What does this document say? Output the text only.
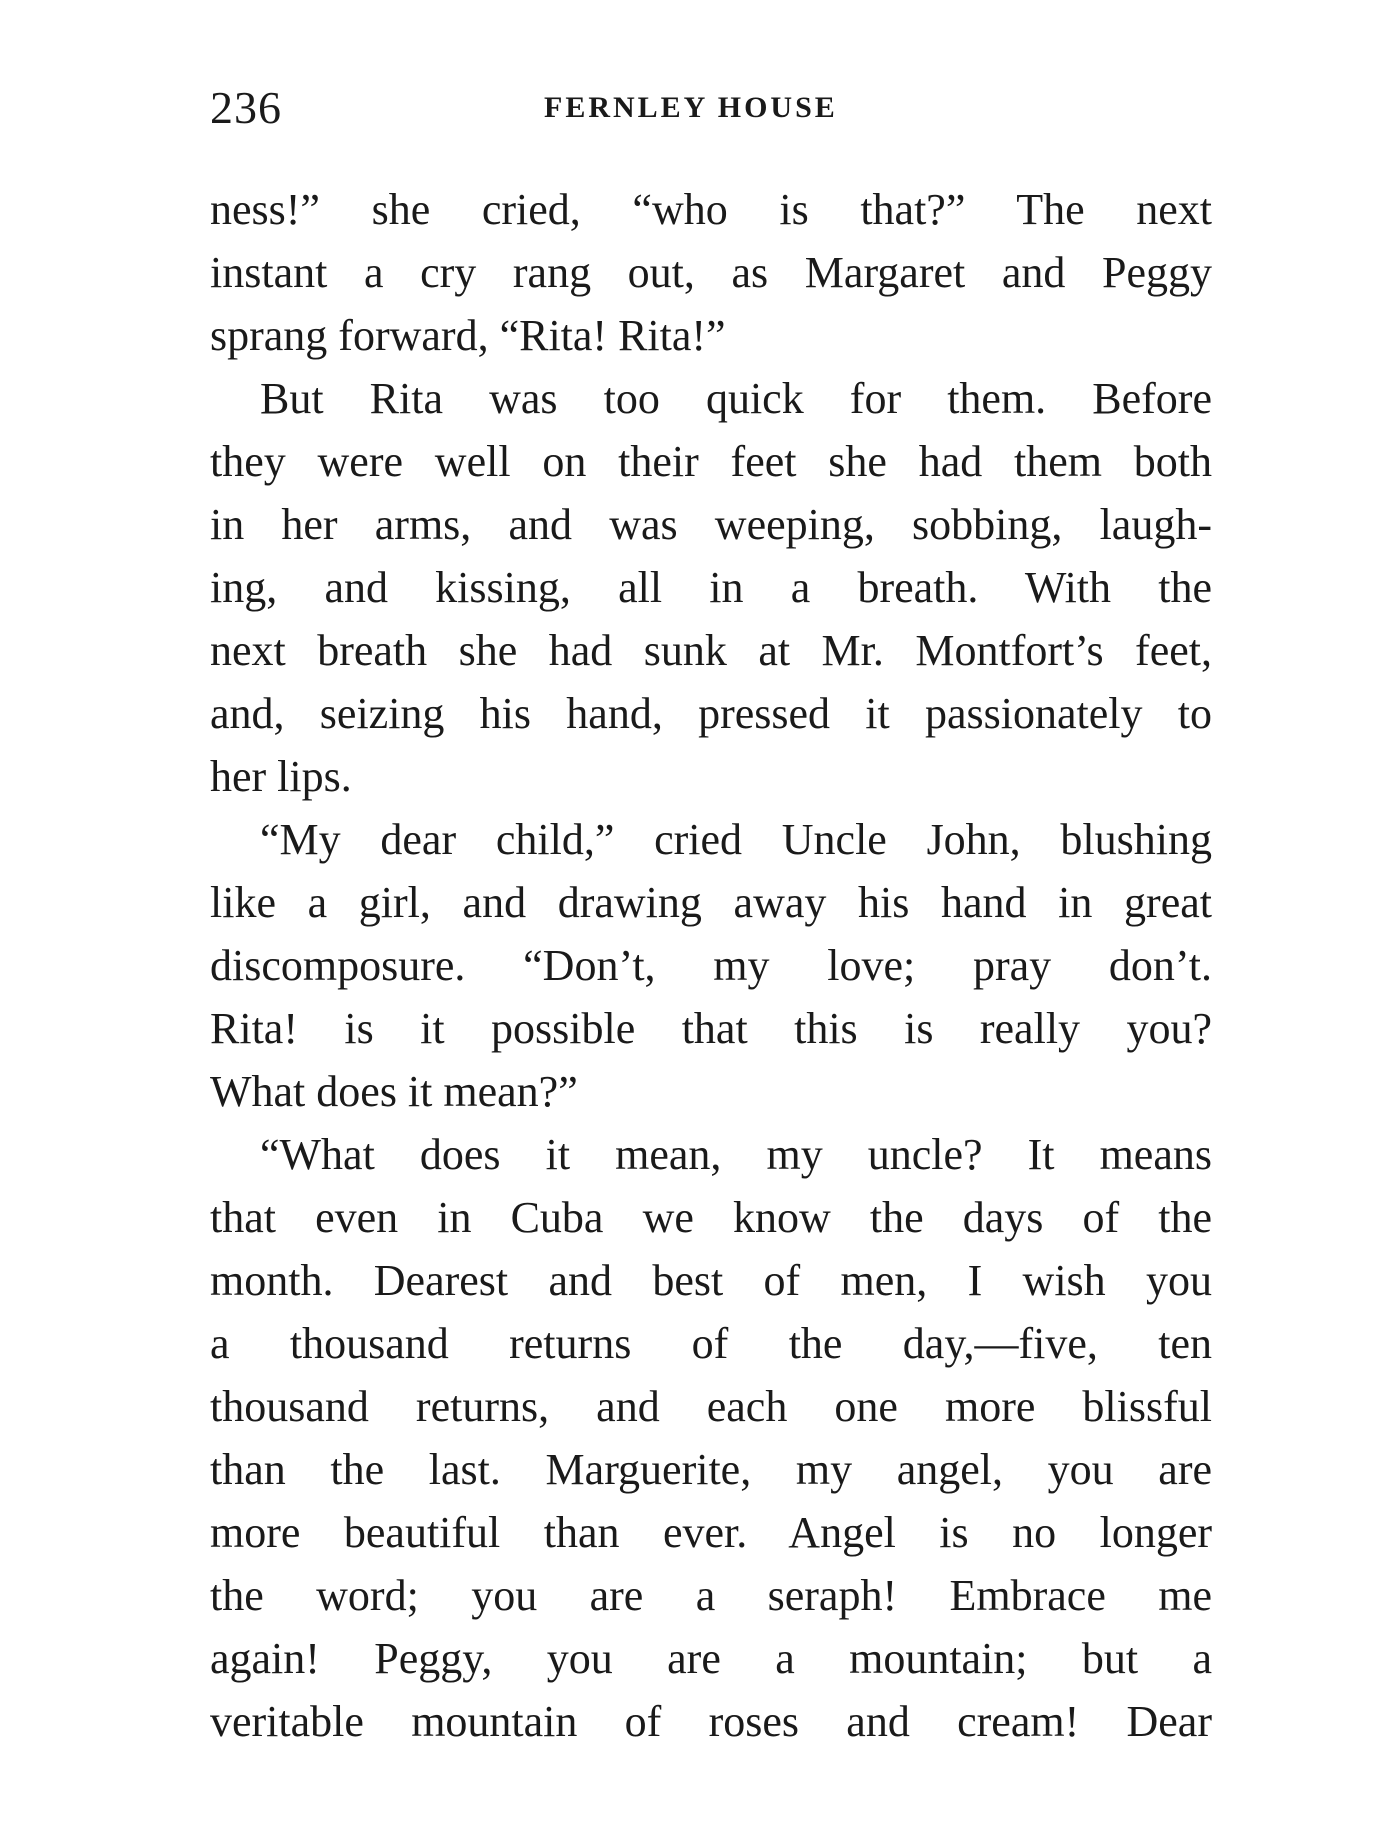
236	FERNLEY HOUSE
ness!” she cried, “who is that?” The next
instant a cry rang out, as Margaret and Peggy
sprang forward, “Rita! Rita!”
But Rita was too quick for them. Before
they were well on their feet she had them both
in her arms, and was weeping, sobbing, laugh-
ing, and kissing, all in a breath. With the
next breath she had sunk at Mr. Montfort’s feet,
and, seizing his hand, pressed it passionately to
her lips.
“My dear child,” cried Uncle John, blushing
like a girl, and drawing away his hand in great
discomposure. “Don’t, my love; pray don’t.
Rita! is it possible that this is really you?
What does it mean?”
“What does it mean, my uncle? It means
that even in Cuba we know the days of the
month. Dearest and best of men, I wish you
a thousand returns of the day,—five, ten
thousand returns, and each one more blissful
than the last. Marguerite, my angel, you are
more beautiful than ever. Angel is no longer
the word; you are a seraph! Embrace me
again! Peggy, you are a mountain; but a
veritable mountain of roses and cream! Dear
